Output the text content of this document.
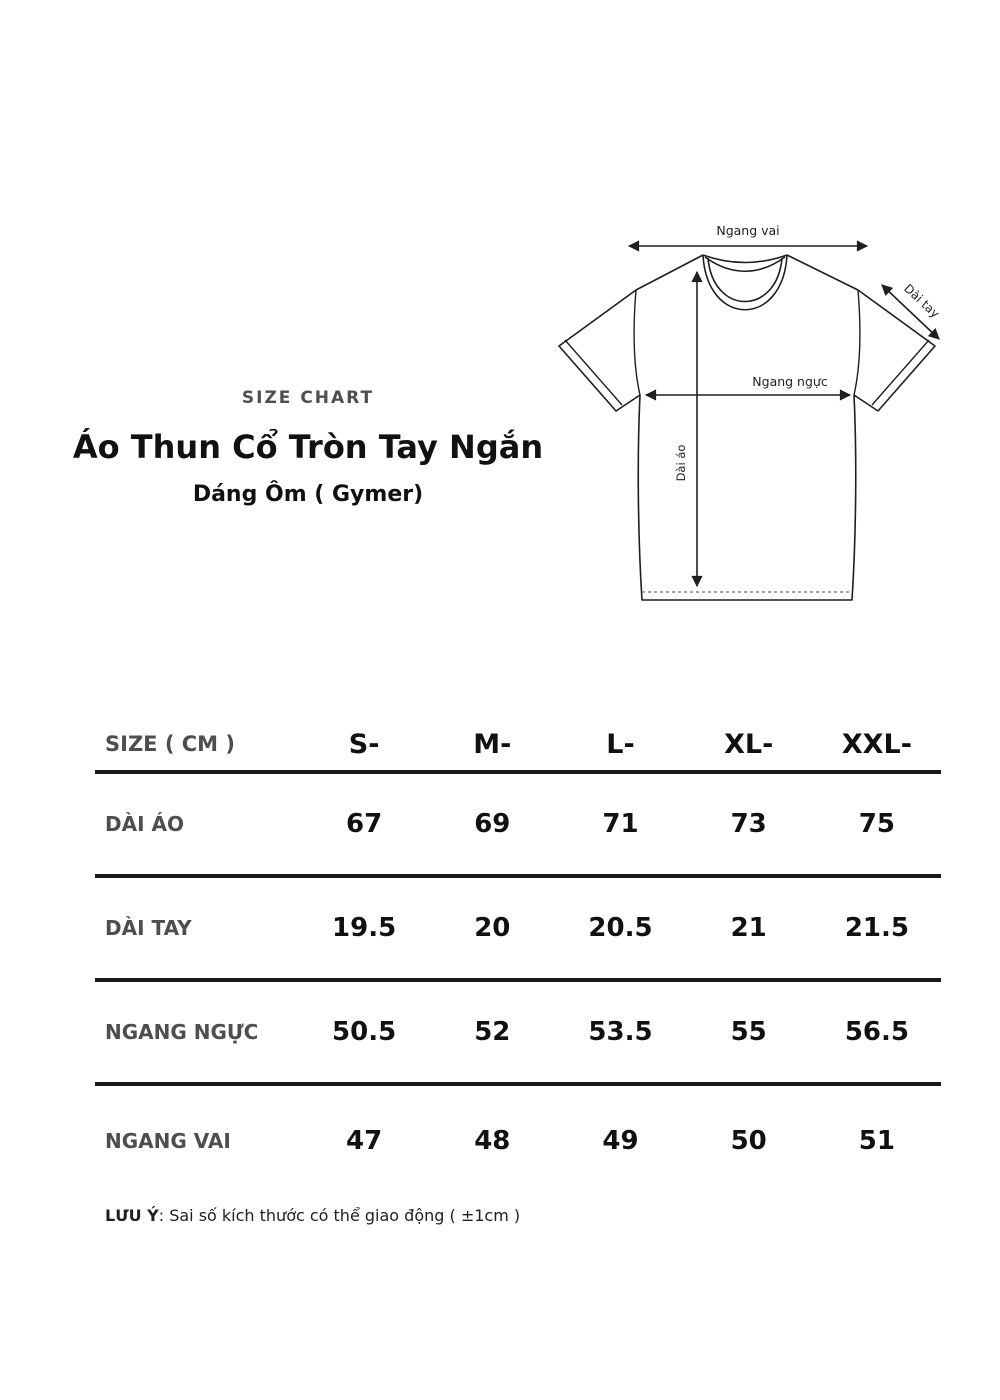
SIZE CHART
Áo Thun Cổ Tròn Tay Ngắn
Dáng Ôm ( Gymer)
Ngang vai
Ngang ngực
Dài áo
Dài tay
SIZE ( CM )	S-	M-	L-	XL-	XXL-
DÀI ÁO	67	69	71	73	75
DÀI TAY	19.5	20	20.5	21	21.5
NGANG NGỰC	50.5	52	53.5	55	56.5
NGANG VAI	47	48	49	50	51
LƯU Ý: Sai số kích thước có thể giao động ( ±1cm )
